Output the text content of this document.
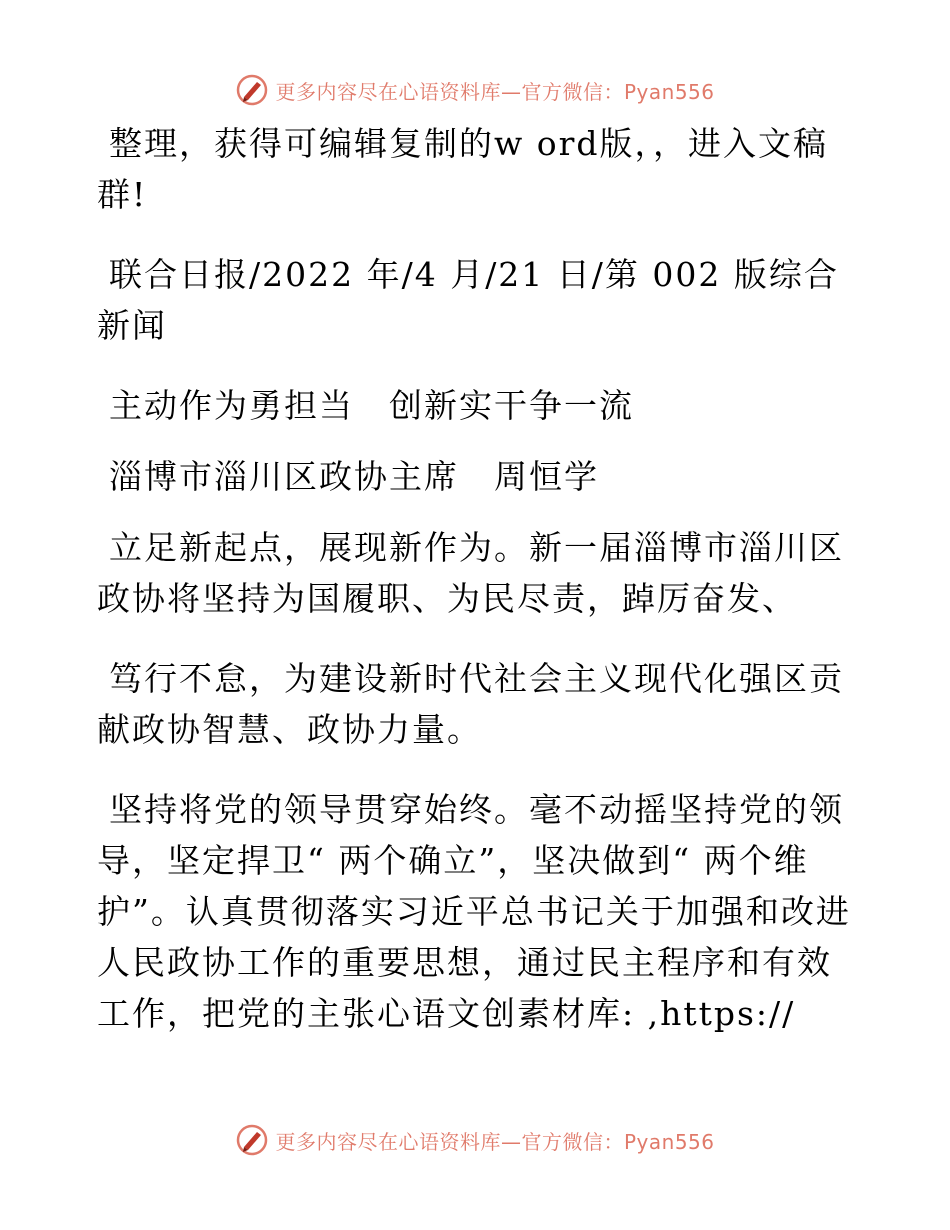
更多内容尽在心语资料库—官方微信：Pyan556

整理，获得可编辑复制的w ord版，，进入文稿群!

联合日报/2022 年/4 月/21 日/第 002 版综合新闻

主动作为勇担当　创新实干争一流

淄博市淄川区政协主席　周恒学

立足新起点，展现新作为。新一届淄博市淄川区政协将坚持为国履职、为民尽责，踔厉奋发、

笃行不怠，为建设新时代社会主义现代化强区贡献政协智慧、政协力量。

坚持将党的领导贯穿始终。毫不动摇坚持党的领导，坚定捍卫“ 两个确立”，坚决做到“ 两个维护”。认真贯彻落实习近平总书记关于加强和改进人民政协工作的重要思想，通过民主程序和有效工作，把党的主张心语文创素材库: ,https://

更多内容尽在心语资料库—官方微信：Pyan556
